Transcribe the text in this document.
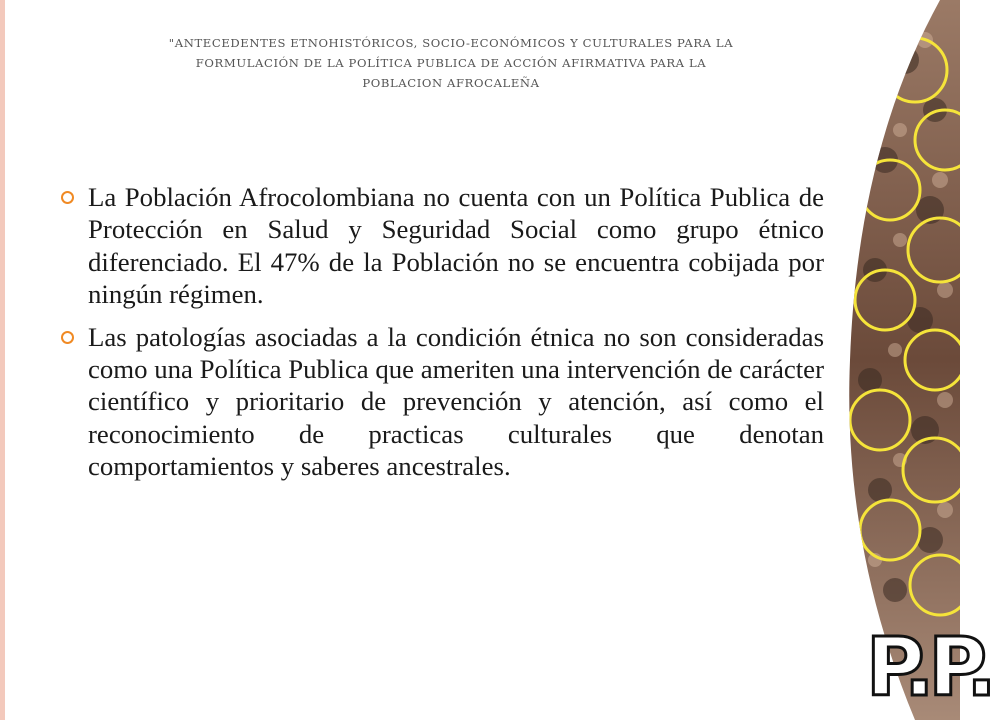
"ANTECEDENTES ETNOHISTÓRICOS, SOCIO-ECONÓMICOS Y CULTURALES PARA LA
FORMULACIÓN DE LA POLÍTICA PUBLICA DE ACCIÓN AFIRMATIVA PARA LA
POBLACION AFROCALEÑA
La Población Afrocolombiana no cuenta con un Política Publica de Protección en Salud y Seguridad Social como grupo étnico diferenciado. El 47% de la Población no se encuentra cobijada por ningún régimen.
Las patologías asociadas a la condición étnica no son consideradas como una Política Publica que ameriten una intervención de carácter científico y prioritario de prevención y atención, así como el reconocimiento de practicas culturales que denotan comportamientos y saberes ancestrales.
P.P.
